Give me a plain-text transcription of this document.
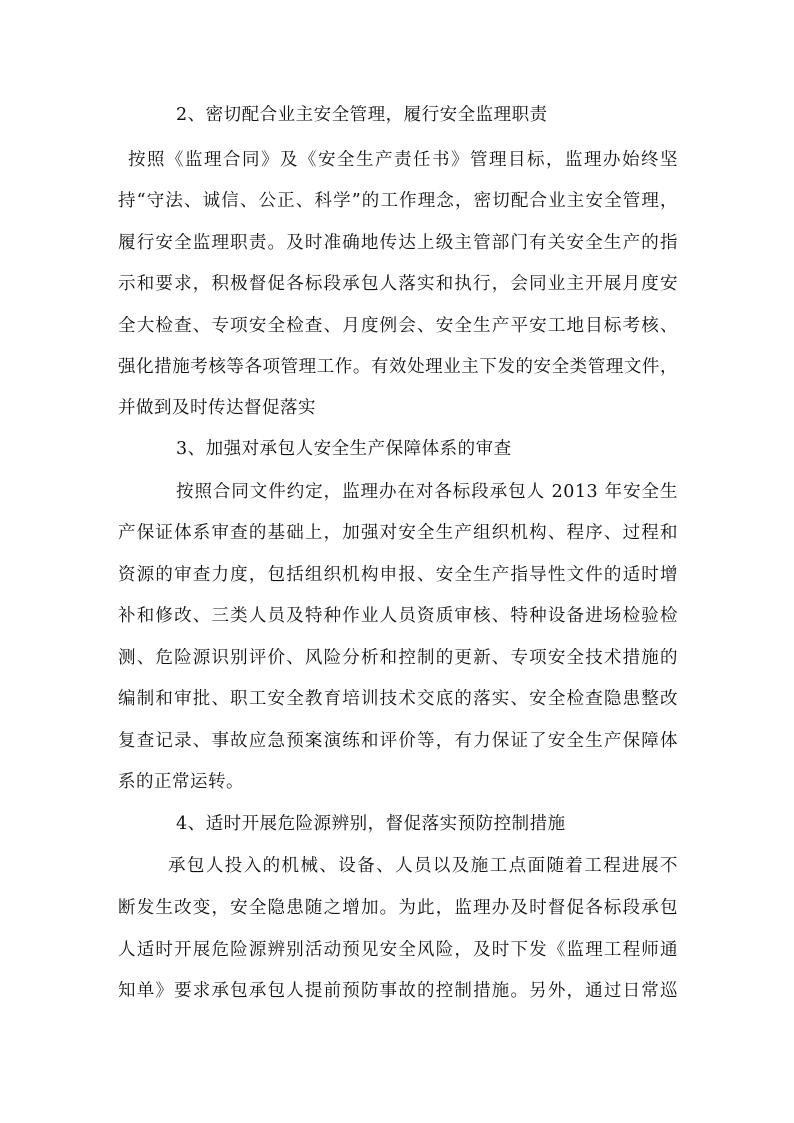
2、密切配合业主安全管理，履行安全监理职责

按照《监理合同》及《安全生产责任书》管理目标，监理办始终坚

持“守法、诚信、公正、科学”的工作理念，密切配合业主安全管理，

履行安全监理职责。及时准确地传达上级主管部门有关安全生产的指

示和要求，积极督促各标段承包人落实和执行，会同业主开展月度安

全大检查、专项安全检查、月度例会、安全生产平安工地目标考核、

强化措施考核等各项管理工作。有效处理业主下发的安全类管理文件，

并做到及时传达督促落实

3、加强对承包人安全生产保障体系的审查

按照合同文件约定，监理办在对各标段承包人 2013 年安全生

产保证体系审查的基础上，加强对安全生产组织机构、程序、过程和

资源的审查力度，包括组织机构申报、安全生产指导性文件的适时增

补和修改、三类人员及特种作业人员资质审核、特种设备进场检验检

测、危险源识别评价、风险分析和控制的更新、专项安全技术措施的

编制和审批、职工安全教育培训技术交底的落实、安全检查隐患整改

复查记录、事故应急预案演练和评价等，有力保证了安全生产保障体

系的正常运转。

4、适时开展危险源辨别，督促落实预防控制措施

承包人投入的机械、设备、人员以及施工点面随着工程进展不

断发生改变，安全隐患随之增加。为此，监理办及时督促各标段承包

人适时开展危险源辨别活动预见安全风险，及时下发《监理工程师通

知单》要求承包承包人提前预防事故的控制措施。另外，通过日常巡
